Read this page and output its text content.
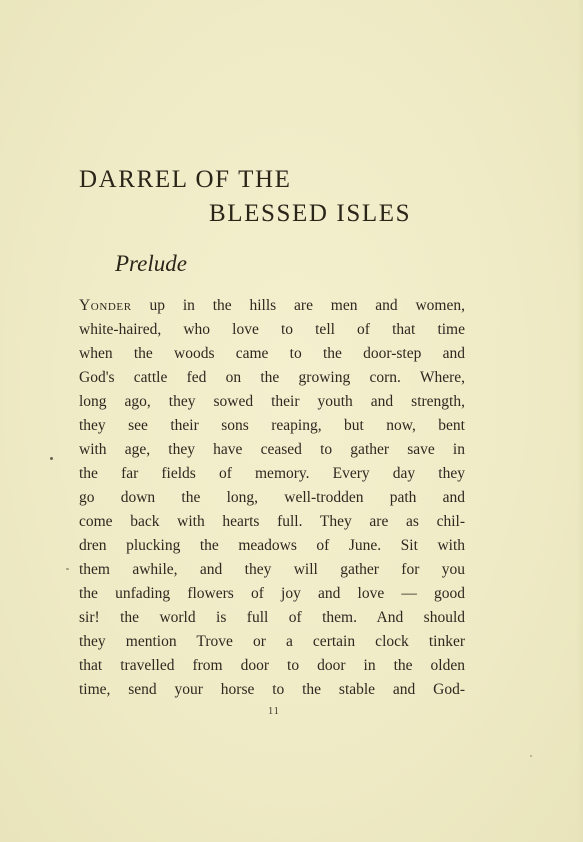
DARREL OF THE
BLESSED ISLES
Prelude
Yonder up in the hills are men and women,
white-haired, who love to tell of that time
when the woods came to the door-step and
God's cattle fed on the growing corn. Where,
long ago, they sowed their youth and strength,
they see their sons reaping, but now, bent
with age, they have ceased to gather save in
the far fields of memory. Every day they
go down the long, well-trodden path and
come back with hearts full. They are as chil-
dren plucking the meadows of June. Sit with
them awhile, and they will gather for you
the unfading flowers of joy and love — good
sir! the world is full of them. And should
they mention Trove or a certain clock tinker
that travelled from door to door in the olden
time, send your horse to the stable and God-
11
